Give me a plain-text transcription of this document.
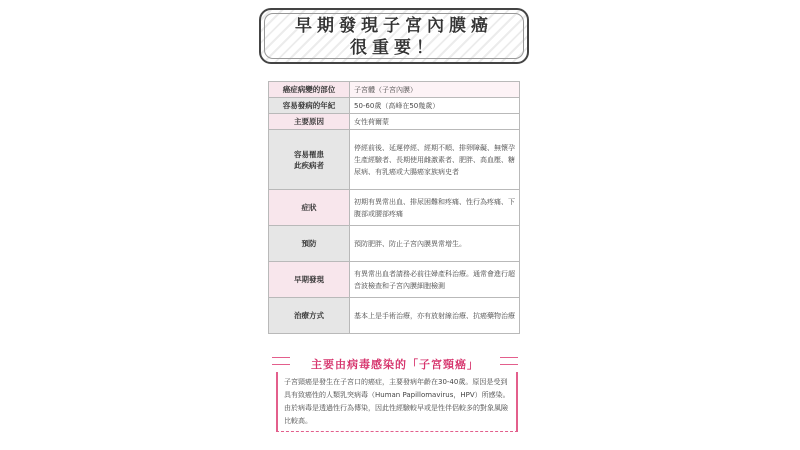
早期發現子宮內膜癌
很重要！
癌症病變的部位	子宮體（子宮內膜）
容易發病的年紀	50-60歲（高峰在50幾歲）
主要原因	女性荷爾蒙
容易罹患
此疾病者	停經前後、延遲停經、經期不順、排卵障礙、無懷孕生產經驗者、長期使用雌激素者、肥胖、高血壓、糖尿病、有乳癌或大腸癌家族病史者
症狀	初期有異常出血、排尿困難和疼痛、性行為疼痛、下腹部或腰部疼痛
預防	預防肥胖、防止子宮內膜異常增生。
早期發現	有異常出血者請務必前往婦產科治療。通常會進行超音波檢查和子宮內膜細胞檢測
治療方式	基本上是手術治療，亦有放射線治療、抗癌藥物治療
主要由病毒感染的「子宮頸癌」
子宮頸癌是發生在子宮口的癌症，主要發病年齡在30-40歲。原因是受到具有致癌性的人類乳突病毒（Human Papillomavirus，HPV）所感染。由於病毒是透過性行為傳染，因此性經驗較早或是性伴侶較多的對象風險比較高。
